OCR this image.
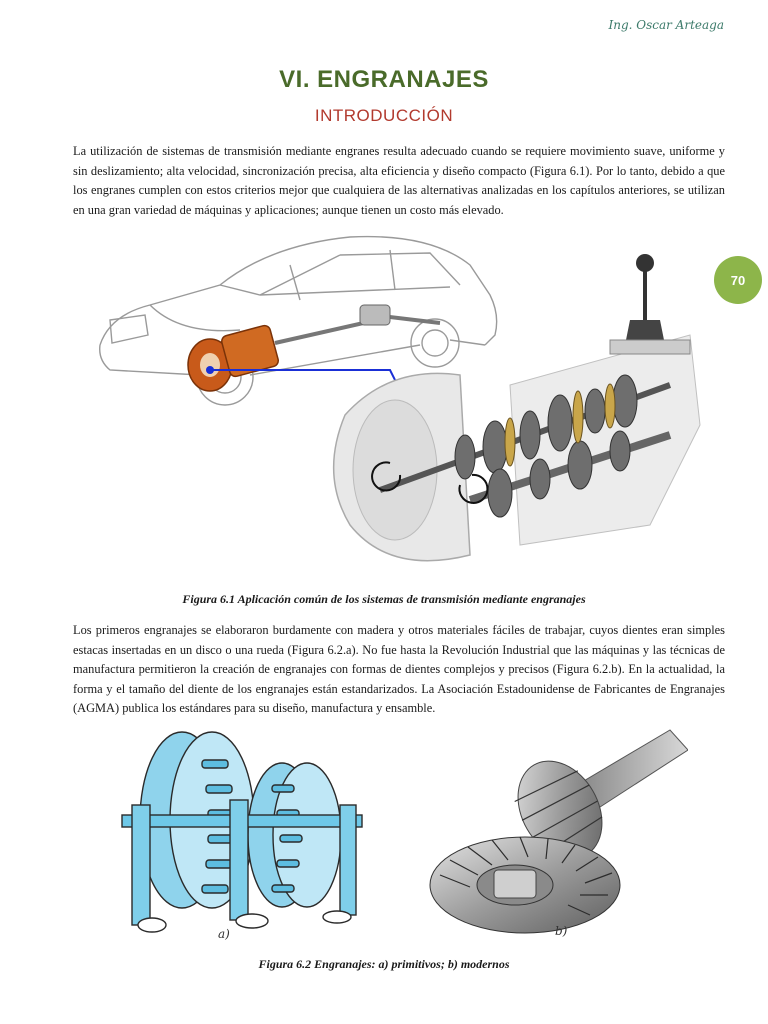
Ing. Oscar Arteaga
70
VI. ENGRANAJES
INTRODUCCIÓN
La utilización de sistemas de transmisión mediante engranes resulta adecuado cuando se requiere movimiento suave, uniforme y sin deslizamiento; alta velocidad, sincronización precisa, alta eficiencia y diseño compacto (Figura 6.1). Por lo tanto, debido a que los engranes cumplen con estos criterios mejor que cualquiera de las alternativas analizadas en los capítulos anteriores, se utilizan en una gran variedad de máquinas y aplicaciones; aunque tienen un costo más elevado.
Figura 6.1 Aplicación común de los sistemas de transmisión mediante engranajes
Los primeros engranajes se elaboraron burdamente con madera y otros materiales fáciles de trabajar, cuyos dientes eran simples estacas insertadas en un disco o una rueda (Figura 6.2.a). No fue hasta la Revolución Industrial que las máquinas y las técnicas de manufactura permitieron la creación de engranajes con formas de dientes complejos y precisos (Figura 6.2.b). En la actualidad, la forma y el tamaño del diente de los engranajes están estandarizados. La Asociación Estadounidense de Fabricantes de Engranajes (AGMA) publica los estándares para su diseño, manufactura y ensamble.
a)	b)
Figura 6.2 Engranajes: a) primitivos; b) modernos
